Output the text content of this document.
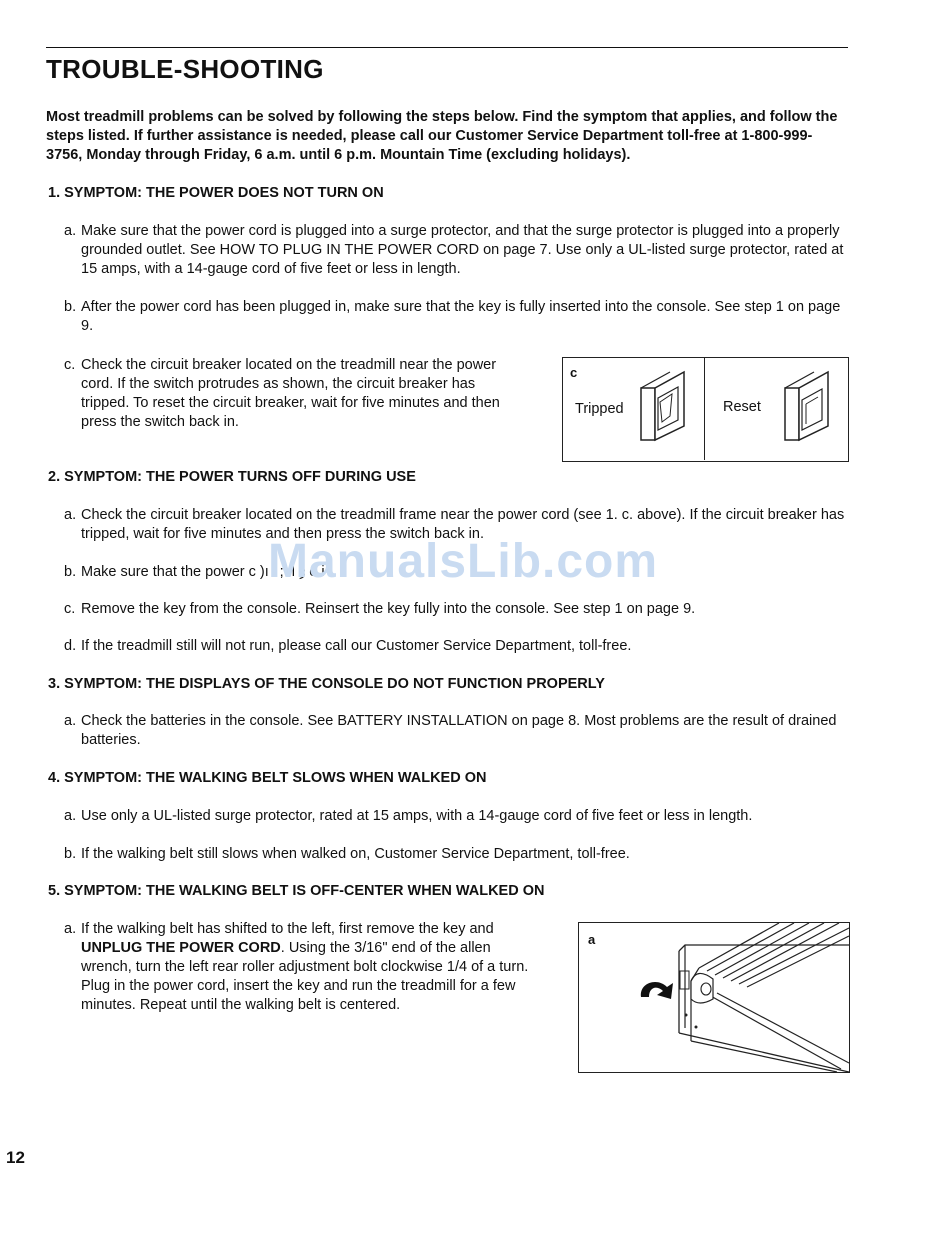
TROUBLE-SHOOTING

Most treadmill problems can be solved by following the steps below. Find the symptom that applies, and follow the steps listed. If further assistance is needed, please call our Customer Service Department toll-free at 1-800-999-3756, Monday through Friday, 6 a.m. until 6 p.m. Mountain Time (excluding holidays).

1. SYMPTOM: THE POWER DOES NOT TURN ON

a. Make sure that the power cord is plugged into a surge protector, and that the surge protector is plugged into a properly grounded outlet. See HOW TO PLUG IN THE POWER CORD on page 7. Use only a UL-listed surge protector, rated at 15 amps, with a 14-gauge cord of five feet or less in length.
b. After the power cord has been plugged in, make sure that the key is fully inserted into the console. See step 1 on page 9.
c. Check the circuit breaker located on the treadmill near the power cord. If the switch protrudes as shown, the circuit breaker has tripped. To reset the circuit breaker, wait for five minutes and then press the switch back in.
c
Tripped	Reset

2. SYMPTOM: THE POWER TURNS OFF DURING USE

a. Check the circuit breaker located on the treadmill frame near the power cord (see 1. c. above). If the circuit breaker has tripped, wait for five minutes and then press the switch back in.
b. Make sure that the power c )ı ' ; ıl ȝ e i .
ManualsLib.com
c. Remove the key from the console. Reinsert the key fully into the console. See step 1 on page 9.
d. If the treadmill still will not run, please call our Customer Service Department, toll-free.

3. SYMPTOM: THE DISPLAYS OF THE CONSOLE DO NOT FUNCTION PROPERLY

a. Check the batteries in the console. See BATTERY INSTALLATION on page 8. Most problems are the result of drained batteries.

4. SYMPTOM: THE WALKING BELT SLOWS WHEN WALKED ON

a. Use only a UL-listed surge protector, rated at 15 amps, with a 14-gauge cord of five feet or less in length.
b. If the walking belt still slows when walked on, Customer Service Department, toll-free.

5. SYMPTOM: THE WALKING BELT IS OFF-CENTER WHEN WALKED ON

a. If the walking belt has shifted to the left, first remove the key and UNPLUG THE POWER CORD. Using the 3/16" end of the allen wrench, turn the left rear roller adjustment bolt clockwise 1/4 of a turn. Plug in the power cord, insert the key and run the treadmill for a few minutes. Repeat until the walking belt is centered.
a
12
